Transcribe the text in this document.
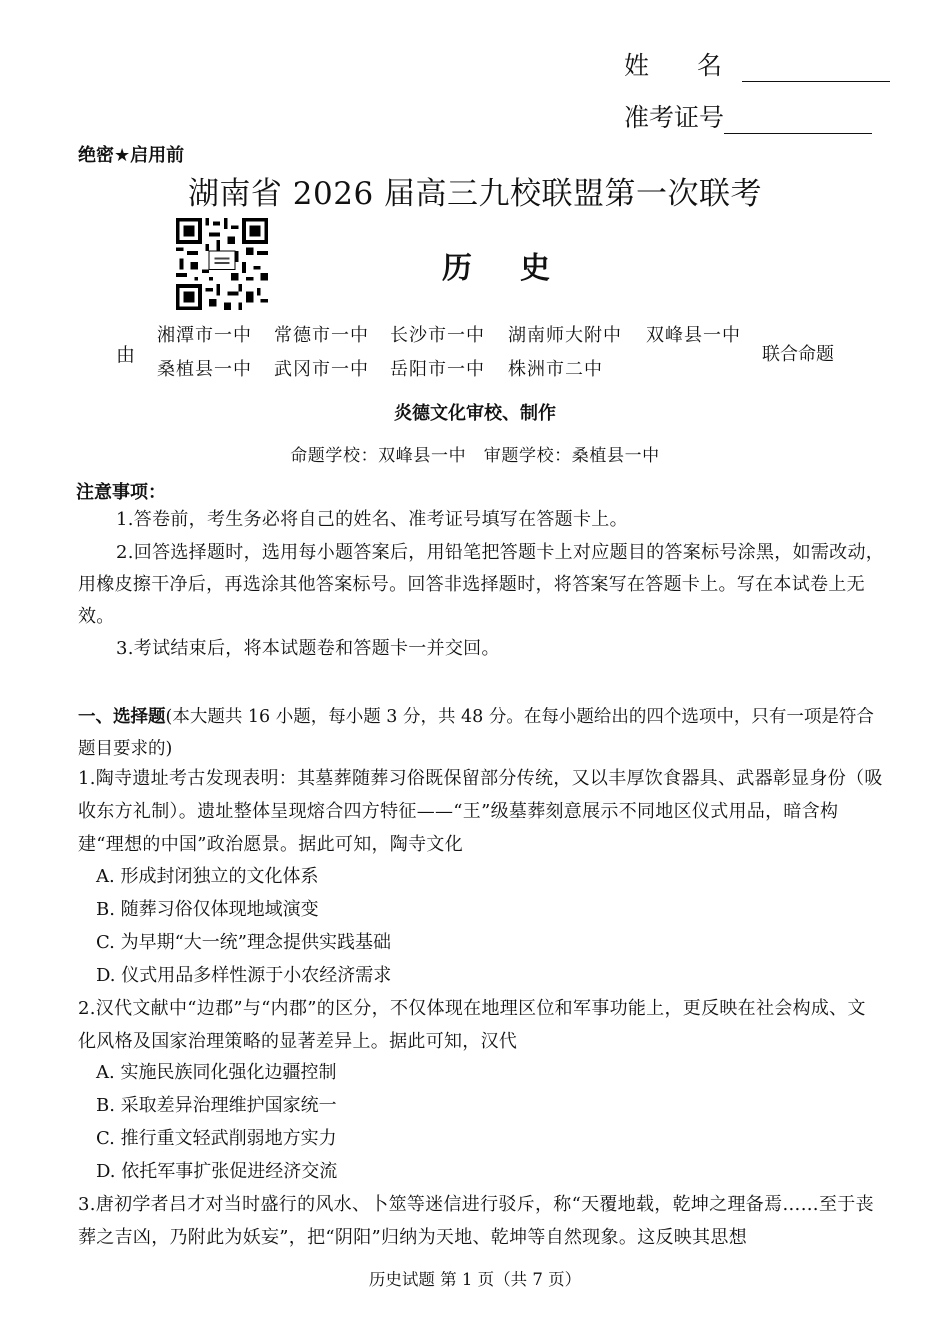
姓 名
准考证号
绝密★启用前
湖南省 2026 届高三九校联盟第一次联考
历史
由
湘潭市一中 常德市一中 长沙市一中 湖南师大附中 双峰县一中
桑植县一中 武冈市一中 岳阳市一中 株洲市二中
联合命题
炎德文化审校、制作
命题学校：双峰县一中　审题学校：桑植县一中
注意事项：
1.答卷前，考生务必将自己的姓名、准考证号填写在答题卡上。
2.回答选择题时，选用每小题答案后，用铅笔把答题卡上对应题目的答案标号涂黑，如需改动，用橡皮擦干净后，再选涂其他答案标号。回答非选择题时，将答案写在答题卡上。写在本试卷上无效。
3.考试结束后，将本试题卷和答题卡一并交回。
一、选择题(本大题共 16 小题，每小题 3 分，共 48 分。在每小题给出的四个选项中，只有一项是符合题目要求的)
1.陶寺遗址考古发现表明：其墓葬随葬习俗既保留部分传统，又以丰厚饮食器具、武器彰显身份（吸收东方礼制）。遗址整体呈现熔合四方特征——“王”级墓葬刻意展示不同地区仪式用品，暗含构建“理想的中国”政治愿景。据此可知，陶寺文化
A. 形成封闭独立的文化体系
B. 随葬习俗仅体现地域演变
C. 为早期“大一统”理念提供实践基础
D. 仪式用品多样性源于小农经济需求
2.汉代文献中“边郡”与“内郡”的区分，不仅体现在地理区位和军事功能上，更反映在社会构成、文化风格及国家治理策略的显著差异上。据此可知，汉代
A. 实施民族同化强化边疆控制
B. 采取差异治理维护国家统一
C. 推行重文轻武削弱地方实力
D. 依托军事扩张促进经济交流
3.唐初学者吕才对当时盛行的风水、卜筮等迷信进行驳斥，称“天覆地载，乾坤之理备焉……至于丧葬之吉凶，乃附此为妖妄”，把“阴阳”归纳为天地、乾坤等自然现象。这反映其思想
历史试题 第 1 页（共 7 页）
